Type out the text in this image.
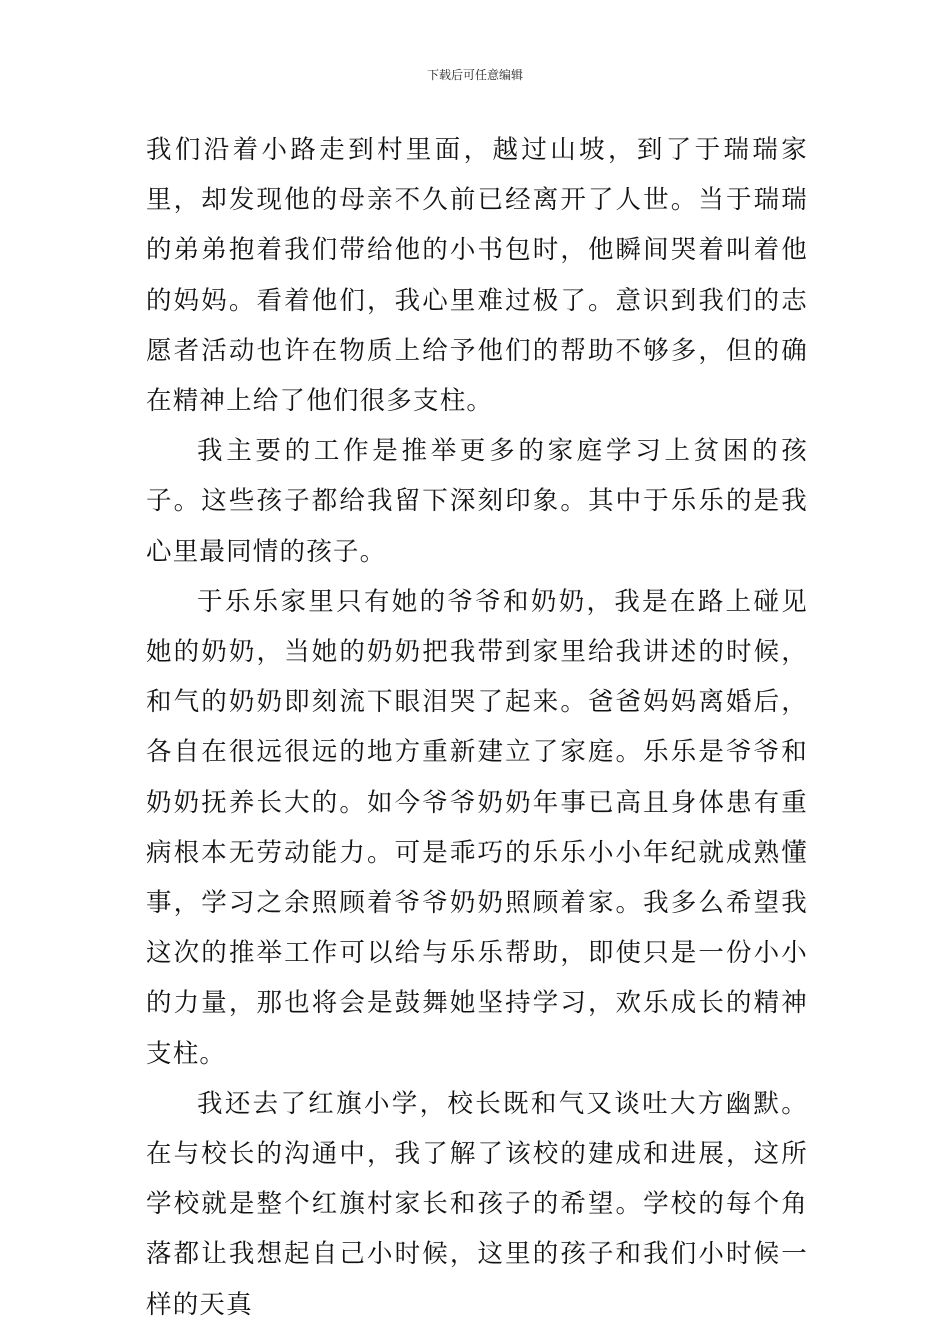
下载后可任意编辑

我们沿着小路走到村里面，越过山坡，到了于瑞瑞家里，却发现他的母亲不久前已经离开了人世。当于瑞瑞的弟弟抱着我们带给他的小书包时，他瞬间哭着叫着他的妈妈。看着他们，我心里难过极了。意识到我们的志愿者活动也许在物质上给予他们的帮助不够多，但的确在精神上给了他们很多支柱。

我主要的工作是推举更多的家庭学习上贫困的孩子。这些孩子都给我留下深刻印象。其中于乐乐的是我心里最同情的孩子。

于乐乐家里只有她的爷爷和奶奶，我是在路上碰见她的奶奶，当她的奶奶把我带到家里给我讲述的时候，和气的奶奶即刻流下眼泪哭了起来。爸爸妈妈离婚后，各自在很远很远的地方重新建立了家庭。乐乐是爷爷和奶奶抚养长大的。如今爷爷奶奶年事已高且身体患有重病根本无劳动能力。可是乖巧的乐乐小小年纪就成熟懂事，学习之余照顾着爷爷奶奶照顾着家。我多么希望我这次的推举工作可以给与乐乐帮助，即使只是一份小小的力量，那也将会是鼓舞她坚持学习，欢乐成长的精神支柱。

我还去了红旗小学，校长既和气又谈吐大方幽默。在与校长的沟通中，我了解了该校的建成和进展，这所学校就是整个红旗村家长和孩子的希望。学校的每个角落都让我想起自己小时候，这里的孩子和我们小时候一样的天真
